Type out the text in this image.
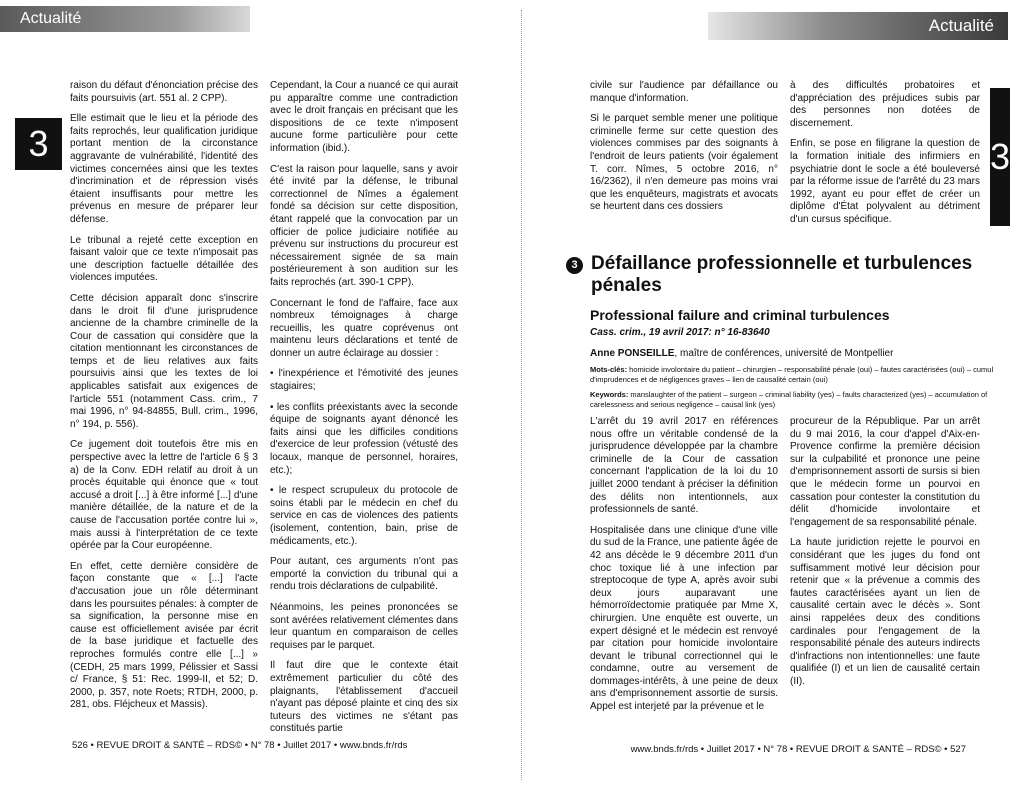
Actualité	Actualité
3	3

raison du défaut d'énonciation précise des faits poursuivis (art. 551 al. 2 CPP).

Elle estimait que le lieu et la période des faits reprochés, leur qualification juridique portant mention de la circonstance aggravante de vulnérabilité, l'identité des victimes concernées ainsi que les textes d'incrimination et de répression visés étaient insuffisants pour mettre les prévenus en mesure de préparer leur défense.

Le tribunal a rejeté cette exception en faisant valoir que ce texte n'imposait pas une description factuelle détaillée des violences imputées.

Cette décision apparaît donc s'inscrire dans le droit fil d'une jurisprudence ancienne de la chambre criminelle de la Cour de cassation qui considère que la citation mentionnant les circonstances de temps et de lieu relatives aux faits poursuivis ainsi que les textes de loi applicables satisfait aux exigences de l'article 551 (notamment Cass. crim., 7 mai 1996, n° 94-84855, Bull. crim., 1996, n° 194, p. 556).

Ce jugement doit toutefois être mis en perspective avec la lettre de l'article 6 § 3 a) de la Conv. EDH relatif au droit à un procès équitable qui énonce que « tout accusé a droit [...] à être informé [...] d'une manière détaillée, de la nature et de la cause de l'accusation portée contre lui », mais aussi à l'interprétation de ce texte opérée par la Cour européenne.

En effet, cette dernière considère de façon constante que « [...] l'acte d'accusation joue un rôle déterminant dans les poursuites pénales: à compter de sa signification, la personne mise en cause est officiellement avisée par écrit de la base juridique et factuelle des reproches formulés contre elle [...] » (CEDH, 25 mars 1999, Pélissier et Sassi c/ France, § 51: Rec. 1999-II, et 52; D. 2000, p. 357, note Roets; RTDH, 2000, p. 281, obs. Fléjcheux et Massis).

Cependant, la Cour a nuancé ce qui aurait pu apparaître comme une contradiction avec le droit français en précisant que les dispositions de ce texte n'imposent aucune forme particulière pour cette information (ibid.).

C'est la raison pour laquelle, sans y avoir été invité par la défense, le tribunal correctionnel de Nîmes a également fondé sa décision sur cette disposition, étant rappelé que la convocation par un officier de police judiciaire notifiée au prévenu sur instructions du procureur est nécessairement signée de sa main postérieurement à son audition sur les faits reprochés (art. 390-1 CPP).

Concernant le fond de l'affaire, face aux nombreux témoignages à charge recueillis, les quatre coprévenus ont maintenu leurs déclarations et tenté de donner un autre éclairage au dossier :

• l'inexpérience et l'émotivité des jeunes stagiaires;

• les conflits préexistants avec la seconde équipe de soignants ayant dénoncé les faits ainsi que les difficiles conditions d'exercice de leur profession (vétusté des locaux, manque de personnel, horaires, etc.);

• le respect scrupuleux du protocole de soins établi par le médecin en chef du service en cas de violences des patients (isolement, contention, bain, prise de médicaments, etc.).

Pour autant, ces arguments n'ont pas emporté la conviction du tribunal qui a rendu trois déclarations de culpabilité.

Néanmoins, les peines prononcées se sont avérées relativement clémentes dans leur quantum en comparaison de celles requises par le parquet.

Il faut dire que le contexte était extrêmement particulier du côté des plaignants, l'établissement d'accueil n'ayant pas déposé plainte et cinq des six tuteurs des victimes ne s'étant pas constitués partie

civile sur l'audience par défaillance ou manque d'information.

Si le parquet semble mener une politique criminelle ferme sur cette question des violences commises par des soignants à l'endroit de leurs patients (voir également T. corr. Nîmes, 5 octobre 2016, n° 16/2362), il n'en demeure pas moins vrai que les enquêteurs, magistrats et avocats se heurtent dans ces dossiers

à des difficultés probatoires et d'appréciation des préjudices subis par des personnes non dotées de discernement.

Enfin, se pose en filigrane la question de la formation initiale des infirmiers en psychiatrie dont le socle a été bouleversé par la réforme issue de l'arrêté du 23 mars 1992, ayant eu pour effet de créer un diplôme d'État polyvalent au détriment d'un cursus spécifique.

3 Défaillance professionnelle et turbulences pénales
Professional failure and criminal turbulences
Cass. crim., 19 avril 2017: n° 16-83640
Anne PONSEILLE, maître de conférences, université de Montpellier
Mots-clés: homicide involontaire du patient – chirurgien – responsabilité pénale (oui) – fautes caractérisées (oui) – cumul d'imprudences et de négligences graves – lien de causalité certain (oui)
Keywords: manslaughter of the patient – surgeon – criminal liability (yes) – faults characterized (yes) – accumulation of carelessness and serious negligence – causal link (yes)

L'arrêt du 19 avril 2017 en références nous offre un véritable condensé de la jurisprudence développée par la chambre criminelle de la Cour de cassation concernant l'application de la loi du 10 juillet 2000 tendant à préciser la définition des délits non intentionnels, aux professionnels de santé.

Hospitalisée dans une clinique d'une ville du sud de la France, une patiente âgée de 42 ans décède le 9 décembre 2011 d'un choc toxique lié à une infection par streptocoque de type A, après avoir subi deux jours auparavant une hémorroïdectomie pratiquée par Mme X, chirurgien. Une enquête est ouverte, un expert désigné et le médecin est renvoyé par citation pour homicide involontaire devant le tribunal correctionnel qui le condamne, outre au versement de dommages-intérêts, à une peine de deux ans d'emprisonnement assortie de sursis. Appel est interjeté par la prévenue et le

procureur de la République. Par un arrêt du 9 mai 2016, la cour d'appel d'Aix-en-Provence confirme la première décision sur la culpabilité et prononce une peine d'emprisonnement assorti de sursis si bien que le médecin forme un pourvoi en cassation pour contester la constitution du délit d'homicide involontaire et l'engagement de sa responsabilité pénale.

La haute juridiction rejette le pourvoi en considérant que les juges du fond ont suffisamment motivé leur décision pour retenir que « la prévenue a commis des fautes caractérisées ayant un lien de causalité certain avec le décès ». Sont ainsi rappelées deux des conditions cardinales pour l'engagement de la responsabilité pénale des auteurs indirects d'infractions non intentionnelles: une faute qualifiée (I) et un lien de causalité certain (II).

526 • REVUE DROIT & SANTÉ – RDS© • N° 78 • Juillet 2017 • www.bnds.fr/rds	www.bnds.fr/rds • Juillet 2017 • N° 78 • REVUE DROIT & SANTÉ – RDS© • 527
